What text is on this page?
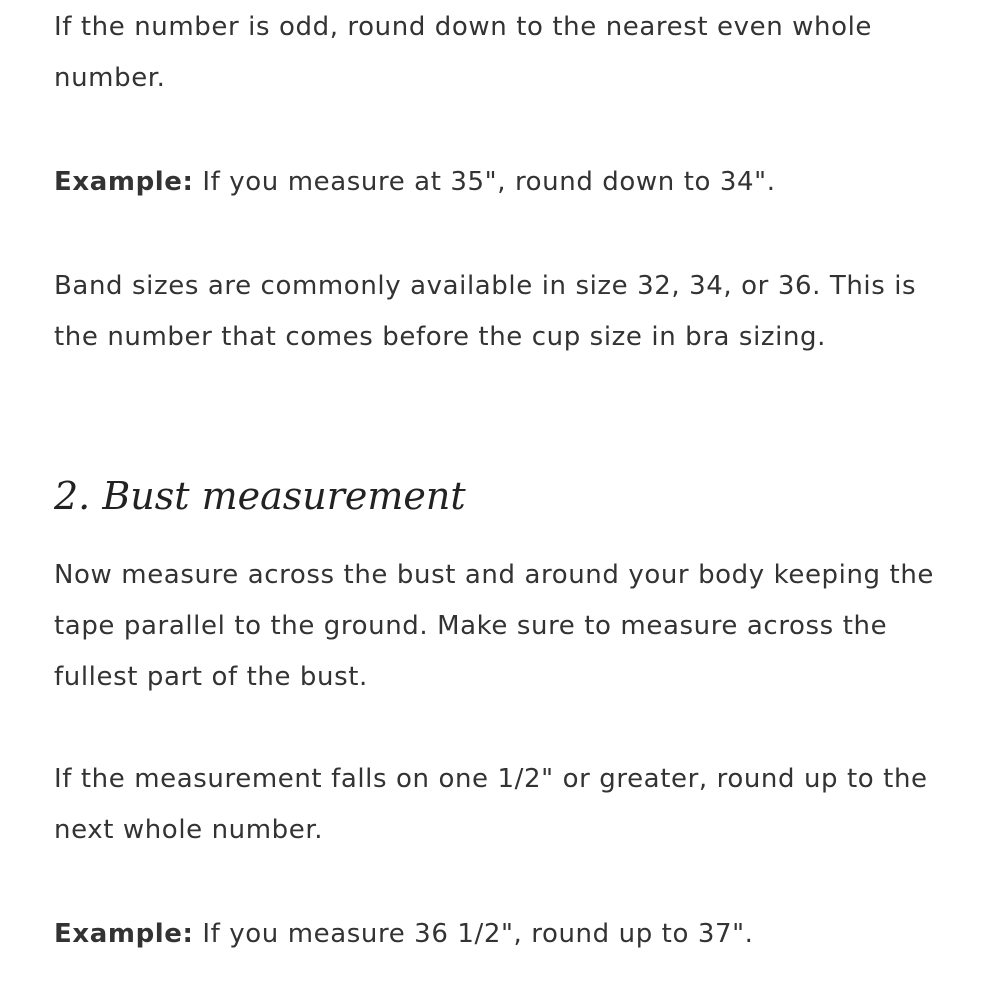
If the number is odd, round down to the nearest even whole number.

Example: If you measure at 35", round down to 34".

Band sizes are commonly available in size 32, 34, or 36. This is the number that comes before the cup size in bra sizing.

2. Bust measurement

Now measure across the bust and around your body keeping the tape parallel to the ground. Make sure to measure across the fullest part of the bust.

If the measurement falls on one 1/2" or greater, round up to the next whole number.

Example: If you measure 36 1/2", round up to 37".
